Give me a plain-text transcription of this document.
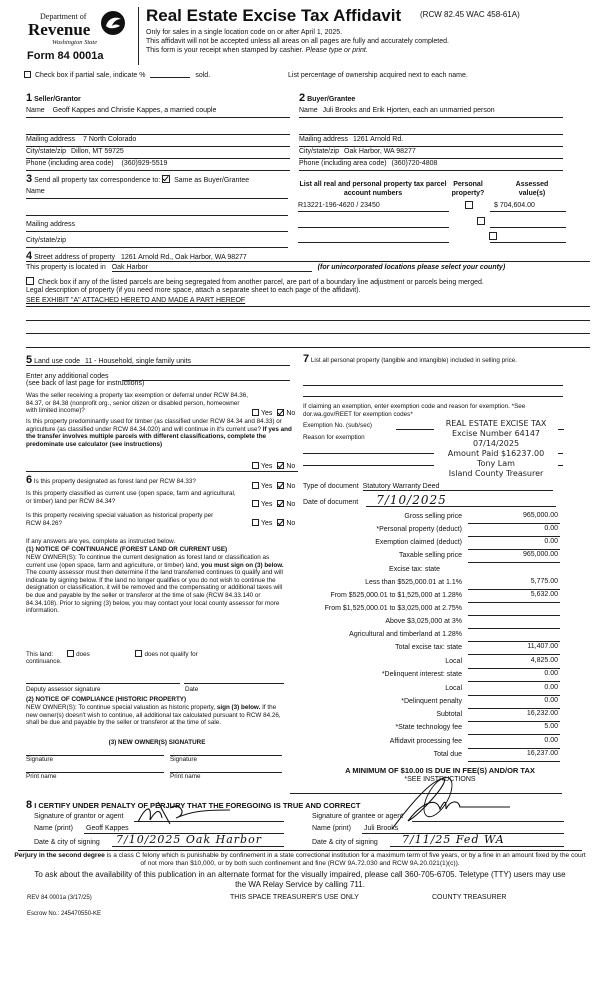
Department of
Revenue
Washington State
Form 84 0001a
Real Estate Excise Tax Affidavit (RCW 82.45 WAC 458-61A)
Only for sales in a single location code on or after April 1, 2025.
This affidavit will not be accepted unless all areas on all pages are fully and accurately completed.
This form is your receipt when stamped by cashier. Please type or print.
Check box if partial sale, indicate %	sold.	List percentage of ownership acquired next to each name.
1 Seller/Grantor
Name Geoff Kappes and Christie Kappes, a married couple
Mailing address 7 North Colorado
City/state/zip Dillon, MT 59725
Phone (including area code) (360)929-5519
3 Send all property tax correspondence to: Same as Buyer/Grantee
Name
Mailing address
City/state/zip
2 Buyer/Grantee
Name Juli Brooks and Erik Hjorten, each an unmarried person
Mailing address 1261 Arnold Rd.
City/state/zip Oak Harbor, WA 98277
Phone (including area code) (360)720-4808
List all real and personal property tax parcel account numbers
Personal property?
Assessed value(s)
R13221-196-4620 / 23450
	$ 704,604.00

4 Street address of property 1261 Arnold Rd., Oak Harbor, WA 98277
This property is located in Oak Harbor	(for unincorporated locations please select your county)
Check box if any of the listed parcels are being segregated from another parcel, are part of a boundary line adjustment or parcels being merged.
Legal description of property (if you need more space, attach a separate sheet to each page of the affidavit).
SEE EXHIBIT "A" ATTACHED HERETO AND MADE A PART HEREOF
5 Land use code 11 - Household, single family units
Enter any additional codes
(see back of last page for instructions)
Was the seller receiving a property tax exemption or deferral under RCW 84.36, 84.37, or 84.38 (nonprofit org., senior citizen or disabled person, homeowner with limited income)?	Yes No
Is this property predominantly used for timber (as classified under RCW 84.34 and 84.33) or agriculture (as classified under RCW 84.34.020) and will continue in it's current use? If yes and the transfer involves multiple parcels with different classifications, complete the predominate use calculator (see instructions)
Yes No
6 Is this property designated as forest land per RCW 84.33?
Yes No
Is this property classified as current use (open space, farm and agricultural, or timber) land per RCW 84.34?	Yes No
Is this property receiving special valuation as historical property per RCW 84.26?	Yes No
If any answers are yes, complete as instructed below.
(1) NOTICE OF CONTINUANCE (FOREST LAND OR CURRENT USE)
NEW OWNER(S): To continue the current designation as forest land or classification as current use (open space, farm and agriculture, or timber) land, you must sign on (3) below. The county assessor must then determine if the land transferred continues to qualify and will indicate by signing below. If the land no longer qualifies or you do not wish to continue the designation or classification, it will be removed and the compensating or additional taxes will be due and payable by the seller or transferor at the time of sale (RCW 84.33.140 or 84.34.108). Prior to signing (3) below, you may contact your local county assessor for more information.
This land:	does	does not qualify for
continuance.
Deputy assessor signature	Date
(2) NOTICE OF COMPLIANCE (HISTORIC PROPERTY)
NEW OWNER(S): To continue special valuation as historic property, sign (3) below. If the new owner(s) doesn't wish to continue, all additional tax calculated pursuant to RCW 84.26, shall be due and payable by the seller or transferor at the time of sale.
(3) NEW OWNER(S) SIGNATURE
Signature	Signature
Print name	Print name
7 List all personal property (tangible and intangible) included in selling price.
If claiming an exemption, enter exemption code and reason for exemption. *See dor.wa.gov/REET for exemption codes*
Exemption No. (sub/sec)
Reason for exemption
REAL ESTATE EXCISE TAX
Excise Number 64147
07/14/2025
Amount Paid $16237.00
Tony Lam
Island County Treasurer
Type of document Statutory Warranty Deed
Date of document 7/10/2025
Gross selling price	965,000.00
*Personal property (deduct)	0.00
Exemption claimed (deduct)	0.00
Taxable selling price	965,000.00
Excise tax: state
Less than $525,000.01 at 1.1%	5,775.00
From $525,000.01 to $1,525,000 at 1.28%	5,632.00
From $1,525,000.01 to $3,025,000 at 2.75%
Above $3,025,000 at 3%
Agricultural and timberland at 1.28%
Total excise tax: state	11,407.00
Local	4,825.00
*Delinquent interest: state	0.00
Local	0.00
*Delinquent penalty	0.00
Subtotal	16,232.00
*State technology fee	5.00
Affidavit processing fee	0.00
Total due	16,237.00
A MINIMUM OF $10.00 IS DUE IN FEE(S) AND/OR TAX
*SEE INSTRUCTIONS
8 I CERTIFY UNDER PENALTY OF PERJURY THAT THE FOREGOING IS TRUE AND CORRECT
Signature of grantor or agent
Name (print) Geoff Kappes
Date & city of signing	7/10/2025 Oak Harbor
Signature of grantee or agent
Name (print) Juli Brooks
Date & city of signing	7/11/25 Fed WA
Perjury in the second degree is a class C felony which is punishable by confinement in a state correctional institution for a maximum term of five years, or by a fine in an amount fixed by the court of not more than $10,000, or by both such confinement and fine (RCW 9A.72.030 and RCW 9A.20.021(1)(c)).
To ask about the availability of this publication in an alternate format for the visually impaired, please call 360-705-6705. Teletype (TTY) users may use the WA Relay Service by calling 711.
REV 84 0001a (3/17/25)	THIS SPACE TREASURER'S USE ONLY	COUNTY TREASURER
Escrow No.: 245470550-KE
